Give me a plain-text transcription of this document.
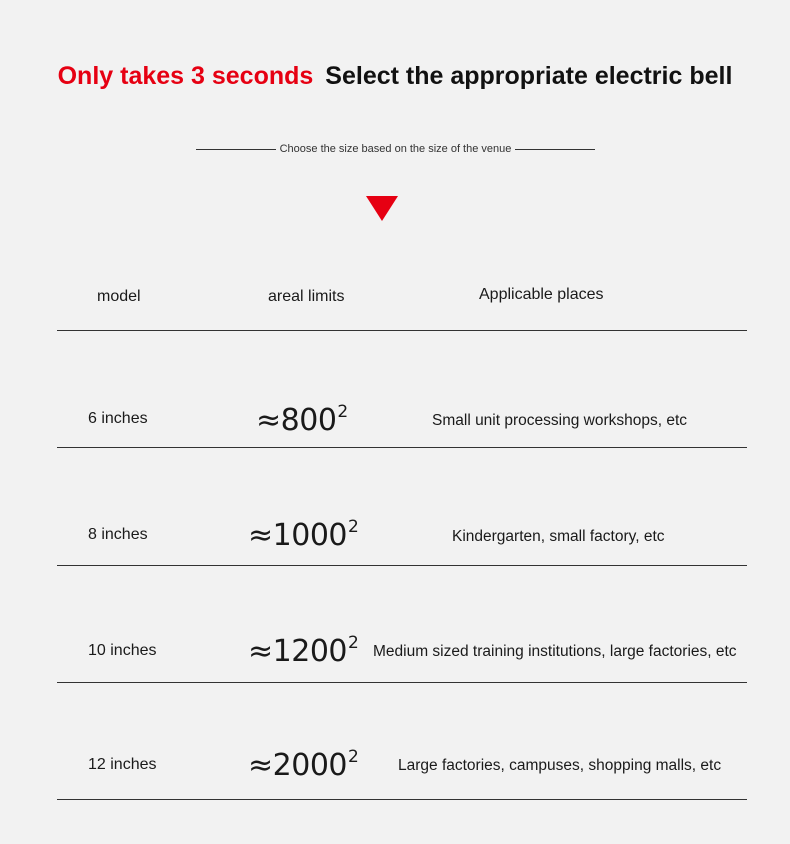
Only takes 3 seconds Select the appropriate electric bell
Choose the size based on the size of the venue
model	areal limits	Applicable places
6 inches	$\approx 800^2$	Small unit processing workshops, etc
8 inches	$\approx 1000^2$	Kindergarten, small factory, etc
10 inches	$\approx 1200^2$ Medium sized training institutions, large factories, etc
12 inches	$\approx 2000^2$	Large factories, campuses, shopping malls, etc
